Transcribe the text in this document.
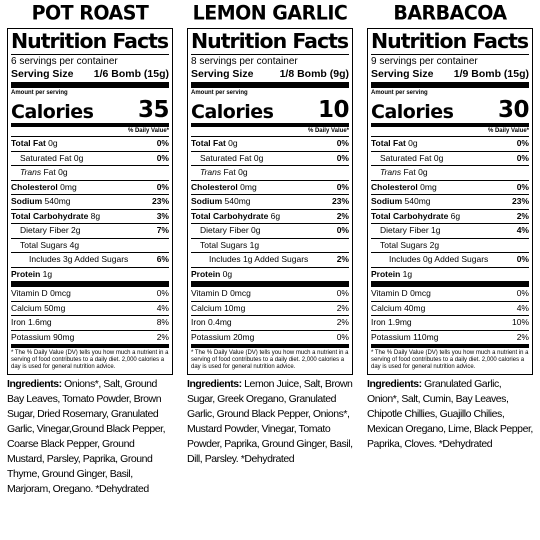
POT ROAST
Nutrition Facts
6 servings per container
Serving Size 1/6 Bomb (15g)
Amount per serving
Calories 35
% Daily Value*
Total Fat 0g	0%
Saturated Fat 0g	0%
Trans Fat 0g
Cholesterol 0mg	0%
Sodium 540mg	23%
Total Carbohydrate 8g	3%
Dietary Fiber 2g	7%
Total Sugars 4g
Includes 3g Added Sugars	6%
Protein 1g
Vitamin D 0mcg	0%
Calcium 50mg	4%
Iron 1.6mg	8%
Potassium 90mg	2%
* The % Daily Value (DV) tells you how much a nutrient in a serving of food contributes to a daily diet. 2,000 calories a day is used for general nutrition advice.
Ingredients: Onions*, Salt, Ground Bay Leaves, Tomato Powder, Brown Sugar, Dried Rosemary, Granulated Garlic, Vinegar,Ground Black Pepper, Coarse Black Pepper, Ground Mustard, Parsley, Paprika, Ground Thyme, Ground Ginger, Basil, Marjoram, Oregano. *Dehydrated
LEMON GARLIC
Nutrition Facts
8 servings per container
Serving Size 1/8 Bomb (9g)
Amount per serving
Calories 10
% Daily Value*
Total Fat 0g	0%
Saturated Fat 0g	0%
Trans Fat 0g
Cholesterol 0mg	0%
Sodium 540mg	23%
Total Carbohydrate 6g	2%
Dietary Fiber 0g	0%
Total Sugars 1g
Includes 1g Added Sugars	2%
Protein 0g
Vitamin D 0mcg	0%
Calcium 10mg	2%
Iron 0.4mg	2%
Potassium 20mg	0%
* The % Daily Value (DV) tells you how much a nutrient in a serving of food contributes to a daily diet. 2,000 calories a day is used for general nutrition advice.
Ingredients: Lemon Juice, Salt, Brown Sugar, Greek Oregano, Granulated Garlic, Ground Black Pepper, Onions*, Mustard Powder, Vinegar, Tomato Powder, Paprika, Ground Ginger, Basil, Dill, Parsley. *Dehydrated
BARBACOA
Nutrition Facts
9 servings per container
Serving Size 1/9 Bomb (15g)
Amount per serving
Calories 30
% Daily Value*
Total Fat 0g	0%
Saturated Fat 0g	0%
Trans Fat 0g
Cholesterol 0mg	0%
Sodium 540mg	23%
Total Carbohydrate 6g	2%
Dietary Fiber 1g	4%
Total Sugars 2g
Includes 0g Added Sugars	0%
Protein 1g
Vitamin D 0mcg	0%
Calcium 40mg	4%
Iron 1.9mg	10%
Potassium 110mg	2%
* The % Daily Value (DV) tells you how much a nutrient in a serving of food contributes to a daily diet. 2,000 calories a day is used for general nutrition advice.
Ingredients: Granulated Garlic, Onion*, Salt, Cumin, Bay Leaves, Chipotle Chillies, Guajillo Chilies, Mexican Oregano, Lime, Black Pepper, Paprika, Cloves. *Dehydrated
